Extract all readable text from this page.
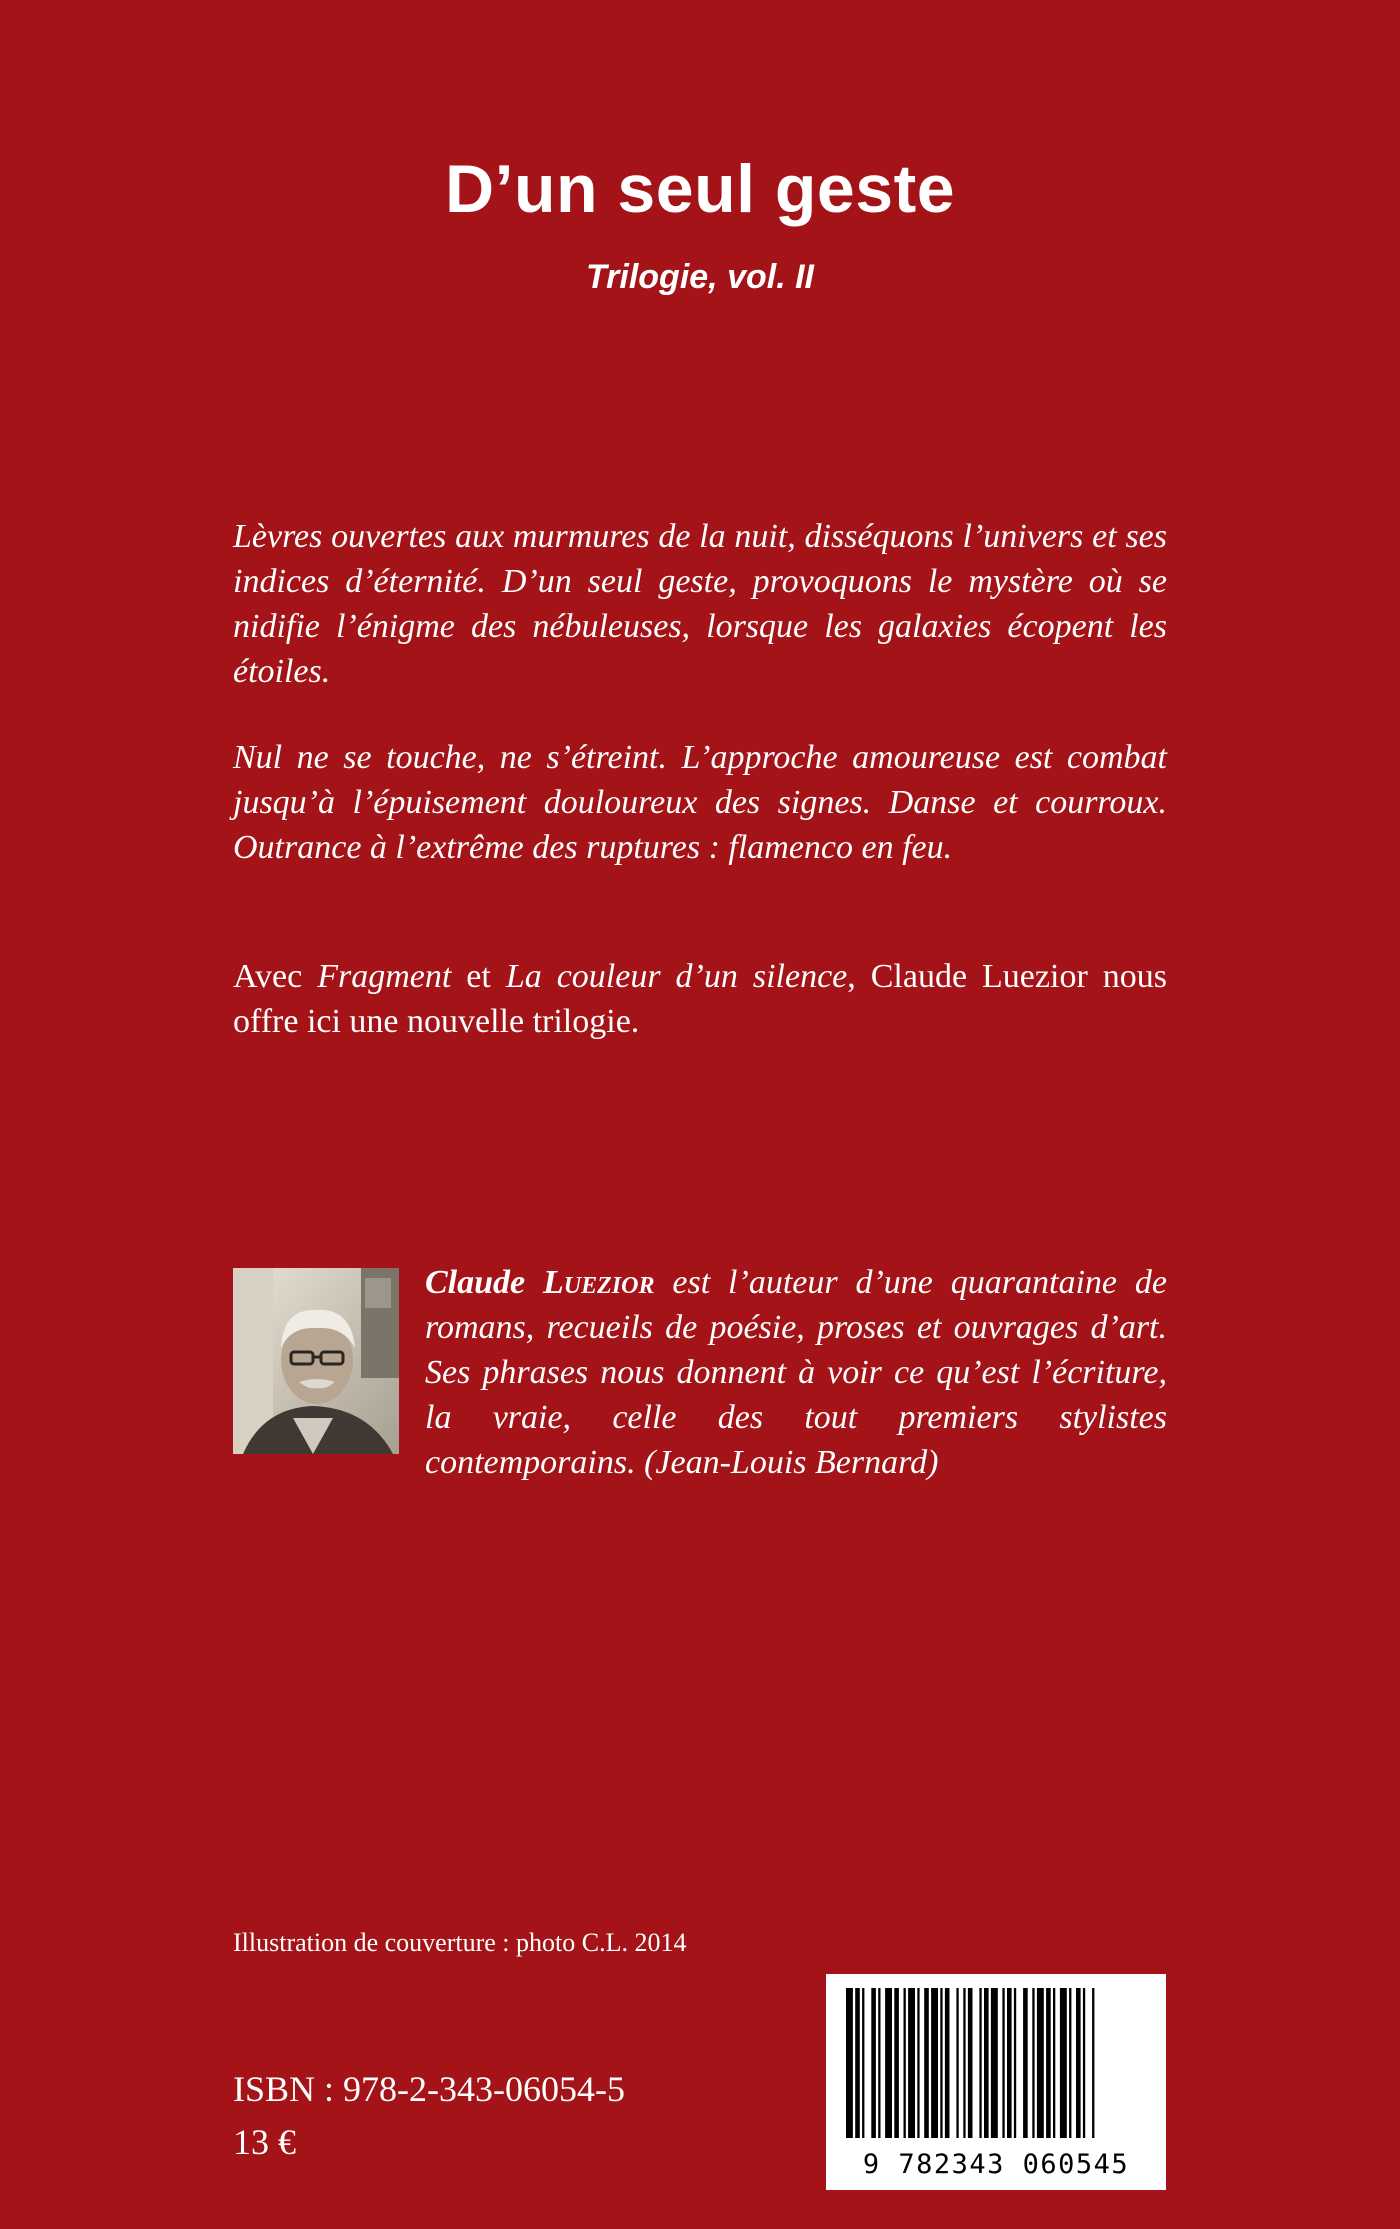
D’un seul geste
Trilogie, vol. II

Lèvres ouvertes aux murmures de la nuit, disséquons l’univers et ses indices d’éternité. D’un seul geste, provoquons le mystère où se nidifie l’énigme des nébuleuses, lorsque les galaxies écopent les étoiles.

Nul ne se touche, ne s’étreint. L’approche amoureuse est combat jusqu’à l’épuisement douloureux des signes. Danse et courroux. Outrance à l’extrême des ruptures : flamenco en feu.

Avec Fragment et La couleur d’un silence, Claude Luezior nous offre ici une nouvelle trilogie.

Claude Luezior est l’auteur d’une quarantaine de romans, recueils de poésie, proses et ouvrages d’art. Ses phrases nous donnent à voir ce qu’est l’écriture, la vraie, celle des tout premiers stylistes contemporains. (Jean-Louis Bernard)

Illustration de couverture : photo C.L. 2014
ISBN : 978-2-343-06054-5
13 €
9 782343 060545
